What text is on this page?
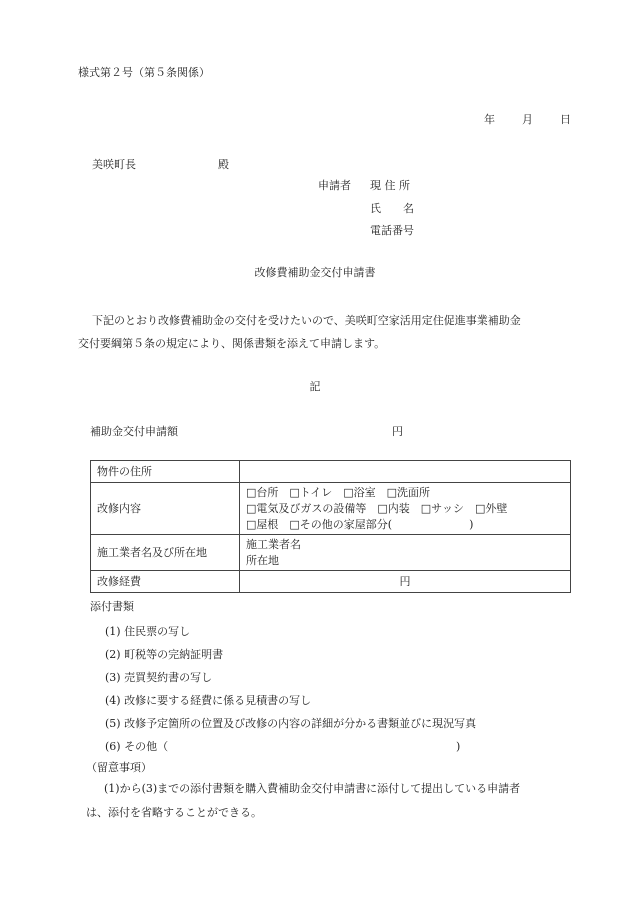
様式第２号（第５条関係）
年 月 日
美咲町長	殿
申請者 現 住 所
氏　　名
電話番号
改修費補助金交付申請書
下記のとおり改修費補助金の交付を受けたいので、美咲町空家活用定住促進事業補助金
交付要綱第５条の規定により、関係書類を添えて申請します。
記
補助金交付申請額	円
物件の住所	
改修内容	□台所　□トイレ　□浴室　□洗面所
□電気及びガスの設備等　□内装　□サッシ　□外壁
□屋根　□その他の家屋部分(　　　　　　　)

施工業者名及び所在地	施工業者名
所在地

改修経費	円
添付書類
(1) 住民票の写し
(2) 町税等の完納証明書
(3) 売買契約書の写し
(4) 改修に要する経費に係る見積書の写し
(5) 改修予定箇所の位置及び改修の内容の詳細が分かる書類並びに現況写真
(6) その他（	)
（留意事項）
(1)から(3)までの添付書類を購入費補助金交付申請書に添付して提出している申請者
は、添付を省略することができる。
